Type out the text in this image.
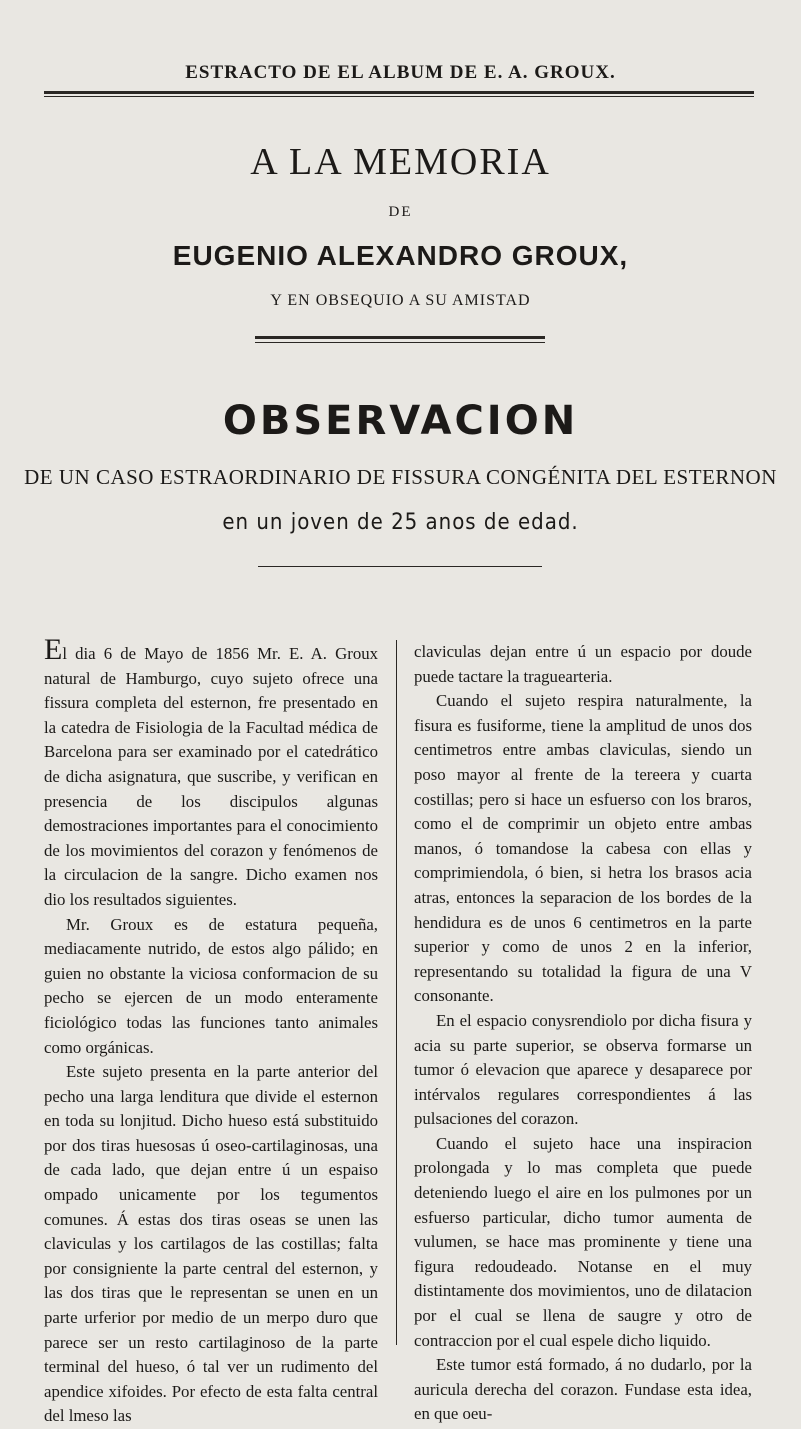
ESTRACTO DE EL ALBUM DE E. A. GROUX.
A LA MEMORIA
DE
EUGENIO ALEXANDRO GROUX,
Y EN OBSEQUIO A SU AMISTAD
OBSERVACION
DE UN CASO ESTRAORDINARIO DE FISSURA CONGÉNITA DEL ESTERNON
en un joven de 25 anos de edad.

El dia 6 de Mayo de 1856 Mr. E. A. Groux natural de Hamburgo, cuyo sujeto ofrece una fissura completa del esternon, fre presentado en la catedra de Fisiologia de la Facultad médica de Barcelona para ser examinado por el catedrático de dicha asignatura, que suscribe, y verifican en presencia de los discipulos algunas demostraciones importantes para el conocimiento de los movimientos del corazon y fenómenos de la circulacion de la sangre. Dicho examen nos dio los resultados siguientes.

Mr. Groux es de estatura pequeña, mediacamente nutrido, de estos algo pálido; en guien no obstante la viciosa conformacion de su pecho se ejercen de un modo enteramente ficiológico todas las funciones tanto animales como orgánicas.

Este sujeto presenta en la parte anterior del pecho una larga lenditura que divide el esternon en toda su lonjitud. Dicho hueso está substituido por dos tiras huesosas ú oseo-cartilaginosas, una de cada lado, que dejan entre ú un espaiso ompado unicamente por los tegumentos comunes. Á estas dos tiras oseas se unen las claviculas y los cartilagos de las costillas; falta por consigniente la parte central del esternon, y las dos tiras que le representan se unen en un parte urferior por medio de un merpo duro que parece ser un resto cartilaginoso de la parte terminal del hueso, ó tal ver un rudimento del apendice xifoides. Por efecto de esta falta central del lmeso las

claviculas dejan entre ú un espacio por doude puede tactare la traguearteria.

Cuando el sujeto respira naturalmente, la fisura es fusiforme, tiene la amplitud de unos dos centimetros entre ambas claviculas, siendo un poso mayor al frente de la tereera y cuarta costillas; pero si hace un esfuerso con los braros, como el de comprimir un objeto entre ambas manos, ó tomandose la cabesa con ellas y comprimiendola, ó bien, si hetra los brasos acia atras, entonces la separacion de los bordes de la hendidura es de unos 6 centimetros en la parte superior y como de unos 2 en la inferior, representando su totalidad la figura de una V consonante.

En el espacio conysrendiolo por dicha fisura y acia su parte superior, se observa formarse un tumor ó elevacion que aparece y desaparece por intérvalos regulares correspondientes á las pulsaciones del corazon.

Cuando el sujeto hace una inspiracion prolongada y lo mas completa que puede deteniendo luego el aire en los pulmones por un esfuerso particular, dicho tumor aumenta de vulumen, se hace mas prominente y tiene una figura redoudeado. Notanse en el muy distintamente dos movimientos, uno de dilatacion por el cual se llena de saugre y otro de contraccion por el cual espele dicho liquido.

Este tumor está formado, á no dudarlo, por la auricula derecha del corazon. Fundase esta idea, en que oeu-
